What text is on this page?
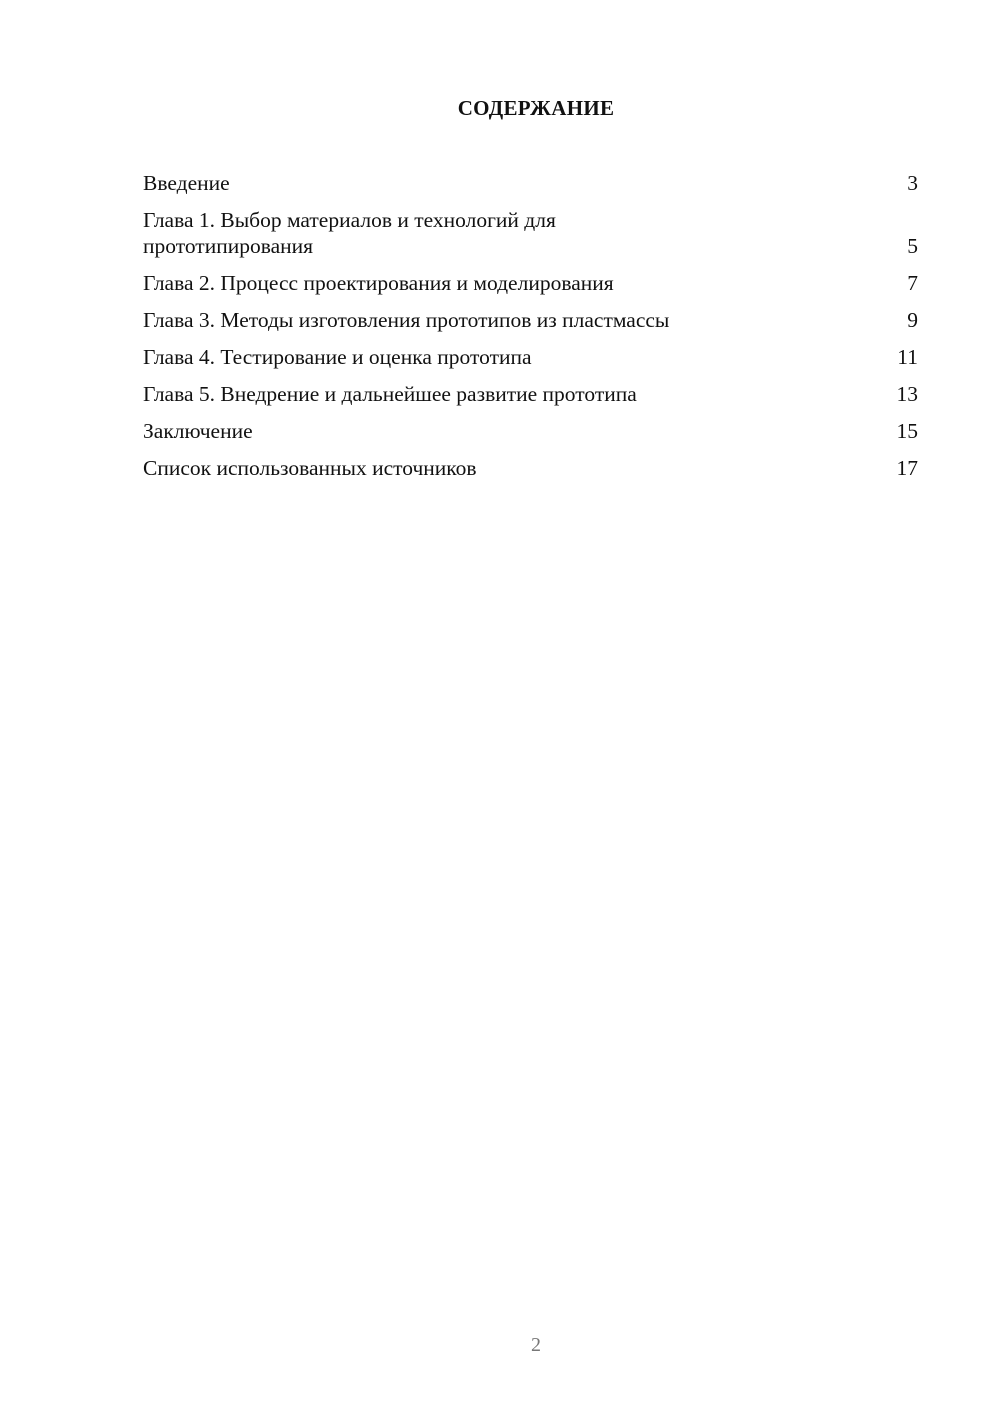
СОДЕРЖАНИЕ
Введение	3
Глава 1. Выбор материалов и технологий для прототипирования	5
Глава 2. Процесс проектирования и моделирования	7
Глава 3. Методы изготовления прототипов из пластмассы	9
Глава 4. Тестирование и оценка прототипа	11
Глава 5. Внедрение и дальнейшее развитие прототипа	13
Заключение	15
Список использованных источников	17
2
